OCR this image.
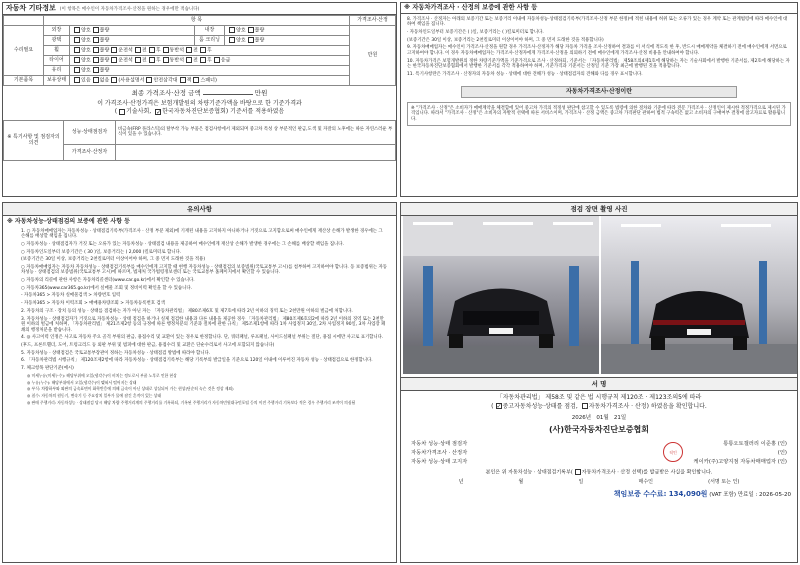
자동차 기타정보 (이 항목은 매수인이 자동차가격조사·산정을 원하는 경우에만 적습니다)
	항 목				가격조사·산정
수리필요	외장	양호 불량	내장	양호 불량	만원
	광택	양호 불량	룸 크리닝	양호 불량	
	휠	양호 불량 운전석 전 후 동반석 전 후			
	타이어	양호 불량 운전석 전 후 동반석 전 후 응급			
	유리	양호 불량			
기본품목	보유상태	있음 없음 (사용설명서 안전삼각대 잭 스패너)			
최종 가격조사·산정 금액	만원
이 가격조사·산정가격은 보험개발원의 차량기준가액을 바탕으로 한 기준가격과
( 기술사회, ✓한국자동차진단보증협회) 기준서를 적용하였음
※ 특기사항 및 점검자의 의견	성능·상태점검자	비금속(FRP 플라스틱)의 탈부착 가능 부품은 점검사항에서 제외되며 중고차 특성 상 부분적인 판금,도색 및 자잘의 노후에는 따른 자연스러운 부식이 있을 수 있습니다.
	가격조사·산정자	
※ 자동차가격조사 · 산정의 보증에 관한 사항 등

8. 가격조사 · 산정자는 아래의 보증기간 또는 보증거리 이내에 자동차성능·상태점검기록부(가격조사·산정 부분 한정)에 적힌 내용에 허위 또는 오류가 있는 경우 계약 또는 관계법령에 따라 매수인에 대하여 책임을 집니다.

· 자동차인도일부터 보증기간은 ( )일, 보증거리는 ( )킬로미터로 합니다.

(보증기간은 30일 이상, 보증거리는 2천킬로미터 이상이어야 하며, 그 중 먼저 도래한 것을 적용합니다)

9. 자동차매매업자는 매수인이 가격조사·산정을 원할 경우 가격조사·산정자가 해당 자동차 가격을 조사·산정하여 결과를 이 서식에 적도록 한 후, 반드시 매매계약을 체결하기 전에 매수인에게 서면으로 고지하여야 합니다. 이 경우 자동차매매업자는 가격조사·산정자에게 가격조사·산정을 의뢰하기 전에 매수인에게 가격조사·산정 비용을 안내하여야 합니다.

10. 자동차가격은 보험개발원의 정한 차량기준가액을 기준가격으로 조사 · 산정하되, 기준서는 「자동차관리법」 제58조의4제1호에 해당하는 자는 기술사회에서 발행한 기준서를, 제2호에 해당하는 자는 한국자동차진단보증협회에서 발행한 기준서를 각각 적용하여야 하며, 기준가격과 기준서는 산정일 기준 가장 최근에 발행된 것을 적용합니다.

11. 특기사항란은 가격조사 · 산정자의 자동차 성능 · 상태에 대한 견해가 성능 · 상태점검자의 견해와 다를 경우 표시합니다.

자동차가격조사·산정이란
※ "가격조사 · 산정"은 소비자가 매매계약을 체결함에 있어 중고차 가격의 적정성 판단에 참고할 수 있도록 법령에 의한 절차와 기준에 따라 전문 가격조사 · 산정인이 제시한 적정가격으로 제시된 가격입니다. 따라서 "가격조사 · 산정"은 소비자의 자발적 선택에 따른 서비스이며, 가격조사 · 산정 금액은 중고차 가격판단 관하여 법적 구속력은 없고 소비자의 구매여부 결정에 참고자료로 활용됩니다.
유의사항
※ 자동차성능·상태점검의 보증에 관한 사항 등

1. ○ 자동차매매업자는 자동차성능 · 상태점검기록부(가격조사 · 산정 부분 제외)에 기재된 내용을 고지하지 아니하거나 거짓으로 고지함으로써 매수인에게 재산상 손해가 발생한 경우에는 그 손해를 배상할 책임을 집니다.

○ 자동차성능 · 상태점검자가 거짓 또는 오류가 있는 자동차성능 · 상태점검 내용을 제공하여 매수인에게 재산상 손해가 발생한 경우에는 그 손해를 배상할 책임을 집니다.

○ 자동차인도일부터 보증기간은 ( 30 )일, 보증거리는 ( 2,000 )킬로미터로 합니다.

(보증기간은 30일 이상, 보증거리는 2천킬로미터 이상이어야 하며, 그 중 먼저 도래한 것을 적용)

○ 자동차매매업자는 자동차 자동차성능 · 상태점검기록부를 매수인에게 고지할 때 현행 자동차성능 · 상태점검의 보증범위(국토교통부 고시)를 첨부하여 고지하여야 합니다. 동 보증범위는 자동차성능 · 상태점검의 보증범위(국토교통부 고시)에 따르며, 법제처 국가법령정보센터 또는 국토교통부 홈페이지에서 확인할 수 있습니다.

○ 자동차의 리콜에 관한 사항은 자동차리콜센터(www.car.go.kr)에서 확인할 수 있습니다.

○ 자동차365(www.car365.go.kr)에서 실매물 조회 및 정비이력 확인을 할 수 있습니다.

- 자동차365 > 자동차 실매물검색 > 차량번호 입력

- 자동차365 > 자동차 이력조회 > 매매용차량조회 > 자동차등록번호 검색

2. 자동차의 구조 · 장치 등의 성능 · 상태를 점검하는 자가 아닌 자는 「자동차관리법」 제80조제6호 및 제7호에 따라 2년 이하의 징역 또는 2천만원 이하의 벌금에 처합니다.

3. 자동차성능 · 상태점검자가 거짓으로 자동차성능 · 상태 점검을 하거나 실제 점검한 내용과 다른 내용을 제공한 경우 「자동차관리법」 제80조제6호의2에 따라 2년 이하의 징역 또는 2천만원 이하의 벌금에 처하며, 「자동차관리법」 제21조제2항 등의 규정에 따른 행정처분의 기준과 절차에 관한 규칙」 제5조제1항에 따라 1차 사업정지 30일, 2차 사업정지 90일, 3차 사업장 폐쇄의 행정처분을 받습니다.

4. ◎ 사고이력 인정은 사고로 자동차 주요 골격 부위의 판금, 용접수리 및 교환이 있는 경우로 한정합니다. 단, 쿼터패널, 루프패널, 사이드실패널 부위는 절단, 용접 시에만 사고로 표기합니다.

(후드, 프론트휀더, 도어, 트렁크리드 등 외판 부위 및 범퍼에 대한 판금, 용접수리 및 교환은 단순수리로서 사고에 포함되지 않습니다)

5. 자동차성능 · 상태점검은 국토교통부장관이 정하는 자동차성능 · 상태점검 방법에 따라야 합니다.

6. 「자동차관리법 시행규칙」 제120조제2항에 따라 자동차성능 · 상태점검기록부는 해당 기록부의 발급일을 기준으로 120일 이내에 이루어진 자동차 성능 · 상태점검으로 한정합니다.

7. 체크항목 판단기준(예시)

◎ 미세누유(미세누수): 해당부위에 오일(냉각수)이 비치는 정도로서 부품 노후로 인한 현상

◎ 누유(누수): 해당부위에서 오일(냉각수)이 맺혀서 떨어지는 상태

◎ 부식: 차량하부와 외판의 금속표면이 화학반응에 의해 금속이 아닌 상태로 상실되어 가는 현상(단순히 녹슨 것은 정상 제외)

◎ 침수: 자동차의 원동기, 변속기 등 주요장치 일부가 물에 잠긴 흔적이 있는 상태

◎ 판매 주행거리: 자동차성능 · 상태점검 당시 해당 차량 주행거리계의 주행거리를 기록하되, 기록된 주행거리가 자동차민원대국민포털 등의 이전 주행거리 기록보다 적은 경우 주행거리 조작이 의심됨

점검 장면 촬영 사진
서 명
「자동차관리법」 제58조 및 같은 법 시행규칙 제120조 · 제123조의5에 따라
( ✓중고자동차성능·상태를 점검, 자동차가격조사 · 산정) 하였음을 확인합니다.
2026년 01월 21일
(사)한국자동차진단보증협회
직인
자동차 성능·상태 점검자	통통오토갤러리 이준홍 (인)
자동차가격조사 · 산정자	(인)
자동차 성능·상태 고지자	케이카(주)고양지점 자동차매매업자 (인)
본인은 위 자동차성능 · 상태점검기록부( 자동차가격조사 · 산정 선택)를 발급받은 사실을 확인합니다.
년	월	일	매수인	(서명 또는 인)
책임보증 수수료: 134,090원 (VAT 포함) 만료일 : 2026-05-20
